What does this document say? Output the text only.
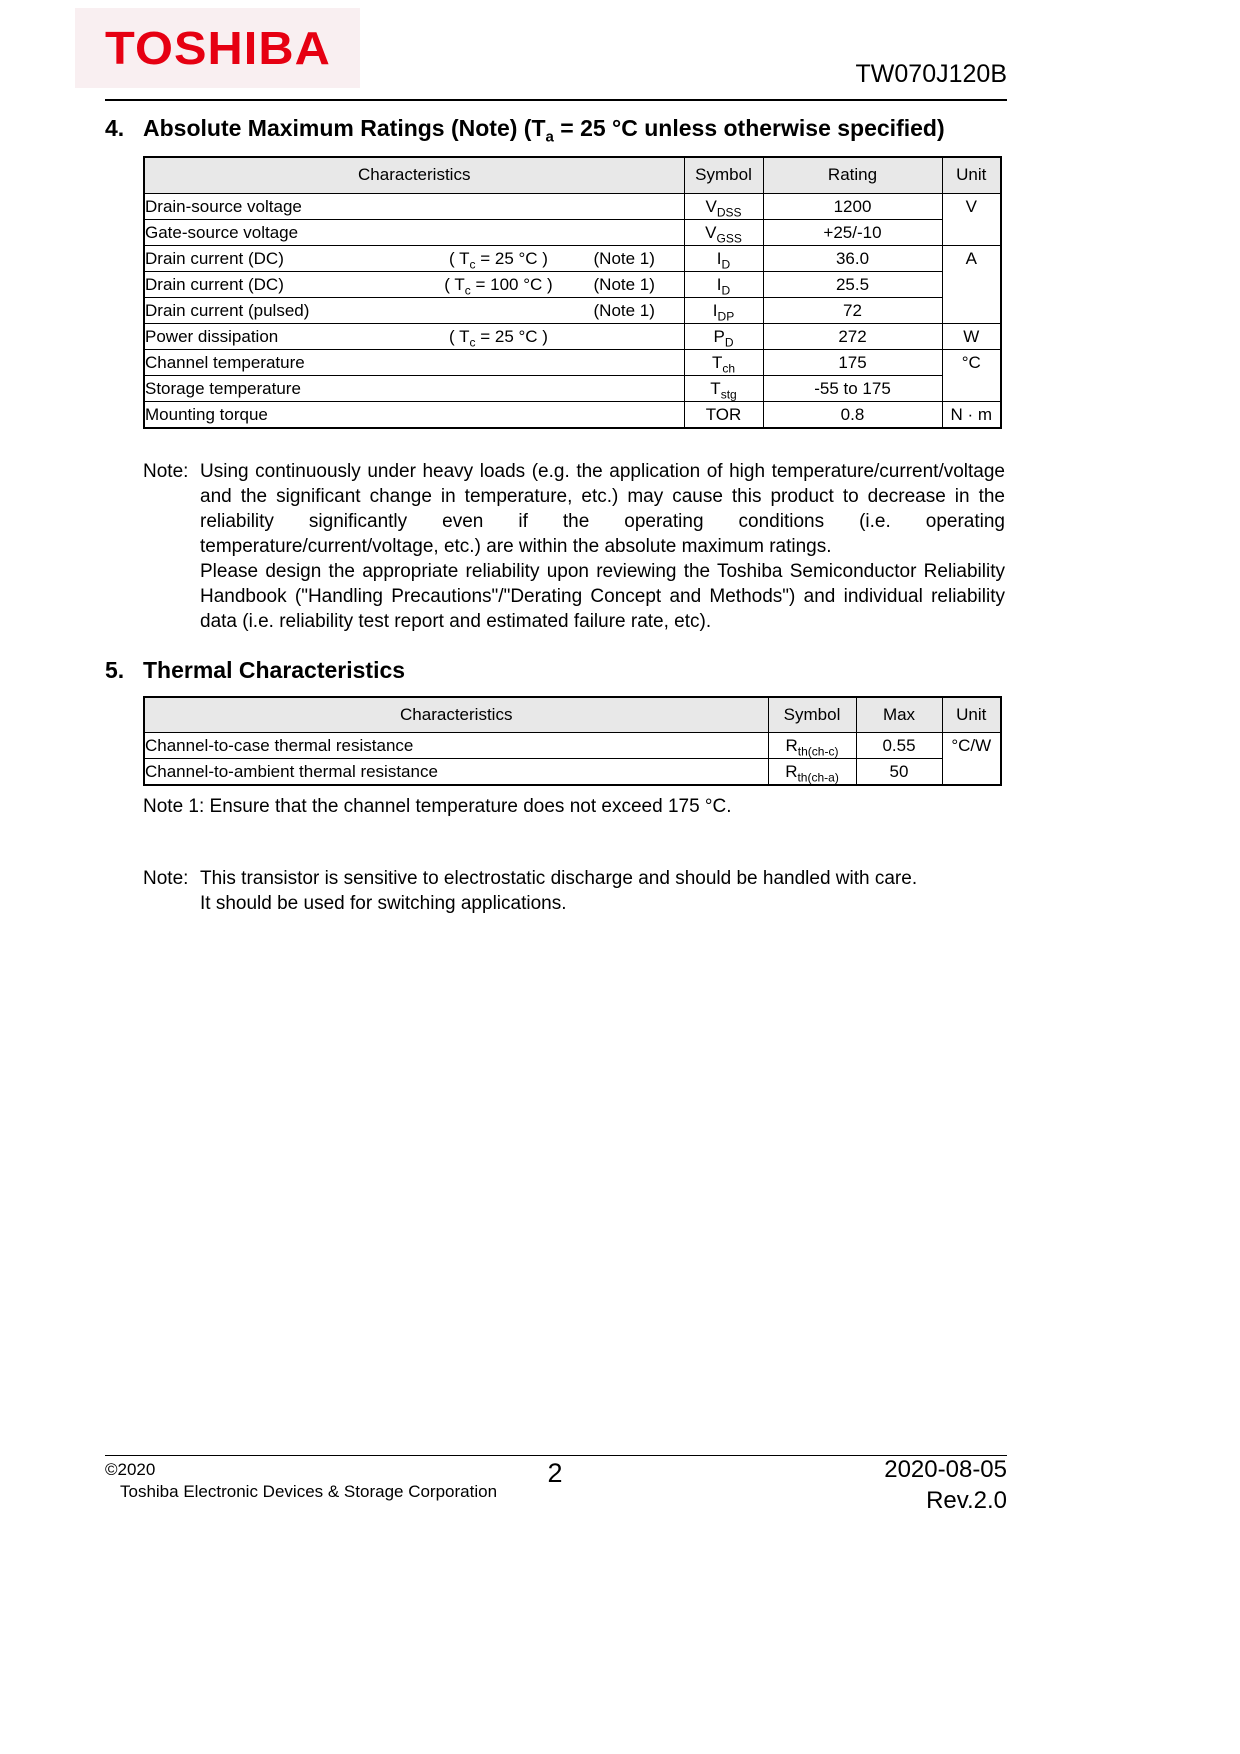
TOSHIBA	TW070J120B
4. Absolute Maximum Ratings (Note) ($T_a = 25$ °C unless otherwise specified)
Characteristics	Symbol	Rating	Unit

Drain-source voltage	$V_{DSS}$	1200	V

Gate-source voltage	$V_{GSS}$	+25/-10	

Drain current (DC) ( $T_c = 25$ °C ) (Note 1)	$I_D$	36.0	A

Drain current (DC) ( $T_c = 100$ °C ) (Note 1)	$I_D$	25.5	

Drain current (pulsed) (Note 1)	$I_{DP}$	72	

Power dissipation ( $T_c = 25$ °C )	$P_D$	272	W

Channel temperature	$T_{ch}$	175	°C

Storage temperature	$T_{stg}$	-55 to 175	

Mounting torque	TOR	0.8	N · m
Note: Using continuously under heavy loads (e.g. the application of high temperature/current/voltage and the significant change in temperature, etc.) may cause this product to decrease in the reliability significantly even if the operating conditions (i.e. operating temperature/current/voltage, etc.) are within the absolute maximum ratings.
Please design the appropriate reliability upon reviewing the Toshiba Semiconductor Reliability Handbook ("Handling Precautions"/"Derating Concept and Methods") and individual reliability data (i.e. reliability test report and estimated failure rate, etc).
5. Thermal Characteristics
Characteristics	Symbol	Max	Unit
Channel-to-case thermal resistance	$R_{th(ch-c)}$	0.55	°C/W
Channel-to-ambient thermal resistance	$R_{th(ch-a)}$	50	
Note 1: Ensure that the channel temperature does not exceed 175 °C.
Note: This transistor is sensitive to electrostatic discharge and should be handled with care.
It should be used for switching applications.
©2020
Toshiba Electronic Devices & Storage Corporation
2	2020-08-05
Rev.2.0
